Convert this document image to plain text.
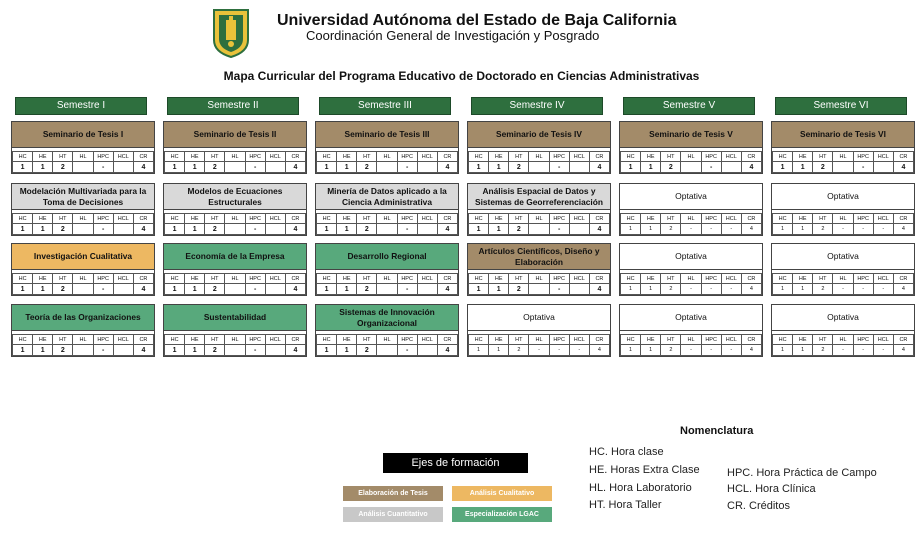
Universidad Autónoma del Estado de Baja California
Coordinación General de Investigación y Posgrado
Mapa Curricular del Programa Educativo de Doctorado en Ciencias Administrativas
Semestre I
Seminario de Tesis I
HC	HE	HT	HL	HPC	HCL	CR
1	1	2		-		4
Modelación Multivariada para la Toma de Decisiones
HC	HE	HT	HL	HPC	HCL	CR
1	1	2		-		4
Investigación Cualitativa
HC	HE	HT	HL	HPC	HCL	CR
1	1	2		-		4
Teoría de las Organizaciones
HC	HE	HT	HL	HPC	HCL	CR
1	1	2		-		4
Semestre II
Seminario de Tesis II
HC	HE	HT	HL	HPC	HCL	CR
1	1	2		-		4
Modelos de Ecuaciones Estructurales
HC	HE	HT	HL	HPC	HCL	CR
1	1	2		-		4
Economía de la Empresa
HC	HE	HT	HL	HPC	HCL	CR
1	1	2		-		4
Sustentabilidad
HC	HE	HT	HL	HPC	HCL	CR
1	1	2		-		4
Semestre III
Seminario de Tesis III
HC	HE	HT	HL	HPC	HCL	CR
1	1	2		-		4
Minería de Datos aplicado a la Ciencia Administrativa
HC	HE	HT	HL	HPC	HCL	CR
1	1	2		-		4
Desarrollo Regional
HC	HE	HT	HL	HPC	HCL	CR
1	1	2		-		4
Sistemas de Innovación Organizacional
HC	HE	HT	HL	HPC	HCL	CR
1	1	2		-		4
Semestre IV
Seminario de Tesis IV
HC	HE	HT	HL	HPC	HCL	CR
1	1	2		-		4
Análisis Espacial de Datos y Sistemas de Georreferenciación
HC	HE	HT	HL	HPC	HCL	CR
1	1	2		-		4
Artículos Científicos, Diseño y Elaboración
HC	HE	HT	HL	HPC	HCL	CR
1	1	2		-		4
Optativa
HC	HE	HT	HL	HPC	HCL	CR
1	1	2	-	-	-	4
Semestre V
Seminario de Tesis V
HC	HE	HT	HL	HPC	HCL	CR
1	1	2		-		4
Optativa
HC	HE	HT	HL	HPC	HCL	CR
1	1	2	-	-	-	4
Optativa
HC	HE	HT	HL	HPC	HCL	CR
1	1	2	-	-	-	4
Optativa
HC	HE	HT	HL	HPC	HCL	CR
1	1	2	-	-	-	4
Semestre VI
Seminario de Tesis VI
HC	HE	HT	HL	HPC	HCL	CR
1	1	2		-		4
Optativa
HC	HE	HT	HL	HPC	HCL	CR
1	1	2	-	-	-	4
Optativa
HC	HE	HT	HL	HPC	HCL	CR
1	1	2	-	-	-	4
Optativa
HC	HE	HT	HL	HPC	HCL	CR
1	1	2	-	-	-	4
Ejes de formación
Elaboración de Tesis	Análisis Cualitativo
Análisis Cuantitativo	Especialización LGAC
Nomenclatura
HC. Hora clase
HE. Horas Extra Clase
HL. Hora Laboratorio
HT. Hora Taller
HPC. Hora Práctica de Campo
HCL. Hora Clínica
CR. Créditos
